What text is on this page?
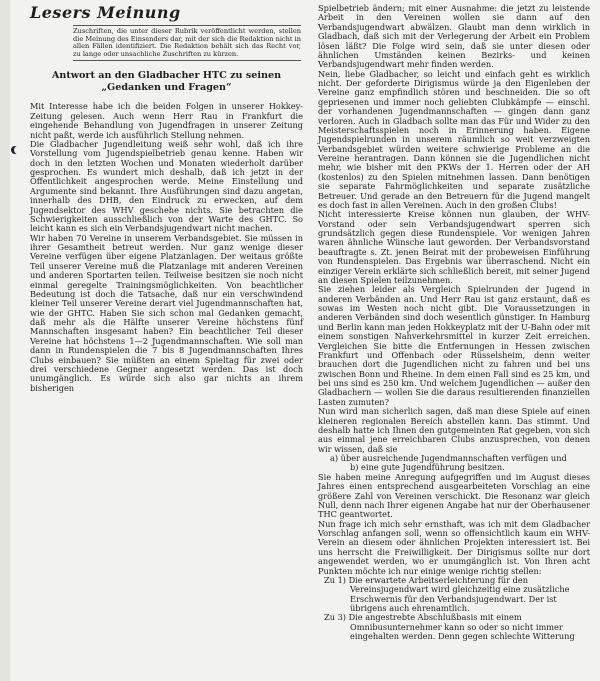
Lesers Meinung
Zuschriften, die unter dieser Rubrik veröffentlicht werden, stellen die Meinung des Einsenders dar, mit der sich die Redaktion nicht in allen Fällen identifiziert. Die Redaktion behält sich das Recht vor, zu lange oder unsachliche Zuschriften zu kürzen.
Antwort an den Gladbacher HTC zu seinen „Gedanken und Fragen“

Mit Interesse habe ich die beiden Folgen in unserer Hokkey-Zeitung gelesen. Auch wenn Herr Rau in Frankfurt die eingehende Behandlung von Jugendfragen in unserer Zeitung nicht paßt, werde ich ausführlich Stellung nehmen.

Die Gladbacher Jugendleitung weiß sehr wohl, daß ich ihre Vorstellung vom Jugendspielbetrieb genau kenne. Haben wir doch in den letzten Wochen und Monaten wiederholt darüber gesprochen. Es wundert mich deshalb, daß ich jetzt in der Öffentlichkeit angesprochen werde. Meine Einstellung und Argumente sind bekannt. Ihre Ausführungen sind dazu angetan, innerhalb des DHB, den Eindruck zu erwecken, auf dem Jugendsektor des WHV geschehe nichts. Sie betrachten die Schwierigkeiten ausschließlich von der Warte des GHTC. So leicht kann es sich ein Verbandsjugendwart nicht machen.

Wir haben 70 Vereine in unserem Verbandsgebiet. Sie müssen in ihrer Gesamtheit betreut werden. Nur ganz wenige dieser Vereine verfügen über eigene Platzanlagen. Der weitaus größte Teil unserer Vereine muß die Platzanlage mit anderen Vereinen und anderen Sportarten teilen. Teilweise besitzen sie noch nicht einmal geregelte Trainingsmöglichkeiten. Von beachtlicher Bedeutung ist doch die Tatsache, daß nur ein verschwindend kleiner Teil unserer Vereine derart viel Jugendmannschaften hat, wie der GHTC. Haben Sie sich schon mal Gedanken gemacht, daß mehr als die Hälfte unserer Vereine höchstens fünf Mannschaften insgesamt haben? Ein beachtlicher Teil dieser Vereine hat höchstens 1—2 Jugendmannschaften. Wie soll man dann in Rundenspielen die 7 bis 8 Jugendmannschaften Ihres Clubs einbauen? Sie müßten an einem Spieltag für zwei oder drei verschiedene Gegner angesetzt werden. Das ist doch unumgänglich. Es würde sich also gar nichts an ihrem bisherigen

Spielbetrieb ändern; mit einer Ausnahme: die jetzt zu leistende Arbeit in den Vereinen wollen sie dann auf den Verbandsjugendwart abwälzen. Glaubt man denn wirklich in Gladbach, daß sich mit der Verlegerung der Arbeit ein Problem lösen läßt? Die Folge wird sein, daß sie unter diesen oder ähnlichen Umständen keinen Bezirks- und keinen Verbandsjugendwart mehr finden werden.

Nein, liebe Gladbacher, so leicht und einfach geht es wirklich nicht. Der geforderte Dirigismus würde ja den Eigenleben der Vereine ganz empfindlich stören und beschneiden. Die so oft gepriesenen und immer noch geliebten Clubkämpfe — einschl. der vorhandenen Jugendmannschaften — gingen dann ganz verloren. Auch in Gladbach sollte man das Für und Wider zu den Meisterschaftsspielen noch in Erinnerung haben. Eigene Jugendspielrunden in unserem räumlich so weit verzweigten Verbandsgebiet würden weitere schwierige Probleme an die Vereine herantragen. Dann können sie die Jugendlichen nicht mehr, wie bisher mit den PKWs der 1. Herren oder der AH (kostenlos) zu den Spielen mitnehmen lassen. Dann benötigen sie separate Fahrmöglichkeiten und separate zusätzliche Betreuer. Und gerade an den Betreuern für die Jugend mangelt es doch fast in allen Vereinen. Auch in den großen Clubs!

Nicht interessierte Kreise können nun glauben, der WHV-Vorstand oder sein Verbandsjugendwart sperren sich grundsätzlich gegen diese Rundenspiele. Vor wenigen Jahren waren ähnliche Wünsche laut geworden. Der Verbandsvorstand beauftragte s. Zt. jenen Beirat mit der probeweisen Einführung von Rundenspielen. Das Ergebnis war überraschend. Nicht ein einziger Verein erklärte sich schließlich bereit, mit seiner Jugend an diesen Spielen teilzunehmen.

Sie ziehen leider als Vergleich Spielrunden der Jugend in anderen Verbänden an. Und Herr Rau ist ganz erstaunt, daß es sowas im Westen noch nicht gibt. Die Voraussetzungen in anderen Verbänden sind doch wesentlich günstiger. In Hamburg und Berlin kann man jeden Hokkeyplatz mit der U-Bahn oder mit einem sonstigen Nahverkehrsmittel in kurzer Zeit erreichen. Vergleichen Sie bitte die Entfernungen in Hessen zwischen Frankfurt und Offenbach oder Rüsselsheim, denn weiter brauchen dort die Jugendlichen nicht zu fahren und bei uns zwischen Bonn und Rheine. In dem einen Fall sind es 25 km, und bei uns sind es 250 km. Und welchem Jugendlichen — außer den Gladbachern — wollen Sie die daraus resultierenden finanziellen Lasten zumuten?

Nun wird man sicherlich sagen, daß man diese Spiele auf einen kleineren regionalen Bereich abstellen kann. Das stimmt. Und deshalb hatte ich Ihnen den gutgemeinten Rat gegeben, von sich aus einmal jene erreichbaren Clubs anzusprechen, von denen wir wissen, daß sie

a) über ausreichende Jugendmannschaften verfügen und

b) eine gute Jugendführung besitzen.

Sie haben meine Anregung aufgegriffen und im August dieses Jahres einen entsprechend ausgearbeiteten Vorschlag an eine größere Zahl von Vereinen verschickt. Die Resonanz war gleich Null, denn nach Ihrer eigenen Angabe hat nur der Oberhausener THC geantwortet.

Nun frage ich mich sehr ernsthaft, was ich mit dem Gladbacher Vorschlag anfangen soll, wenn so offensichtlich kaum ein WHV-Verein an diesem oder ähnlichen Projekten interessiert ist. Bei uns herrscht die Freiwilligkeit. Der Dirigismus sollte nur dort angewendet werden, wo er unumgänglich ist. Von Ihren acht Punkten möchte ich nur einige wenige richtig stellen:

Zu 1) Die erwartete Arbeitserleichterung für den Vereinsjugendwart wird gleichzeitig eine zusätzliche Erschwernis für den Verbandsjugendwart. Der ist übrigens auch ehrenamtlich.

Zu 3) Die angestrebte Abschlußbasis mit einem Omnibusunternehmer kann so oder so nicht immer eingehalten werden. Denn gegen schlechte Witterung
